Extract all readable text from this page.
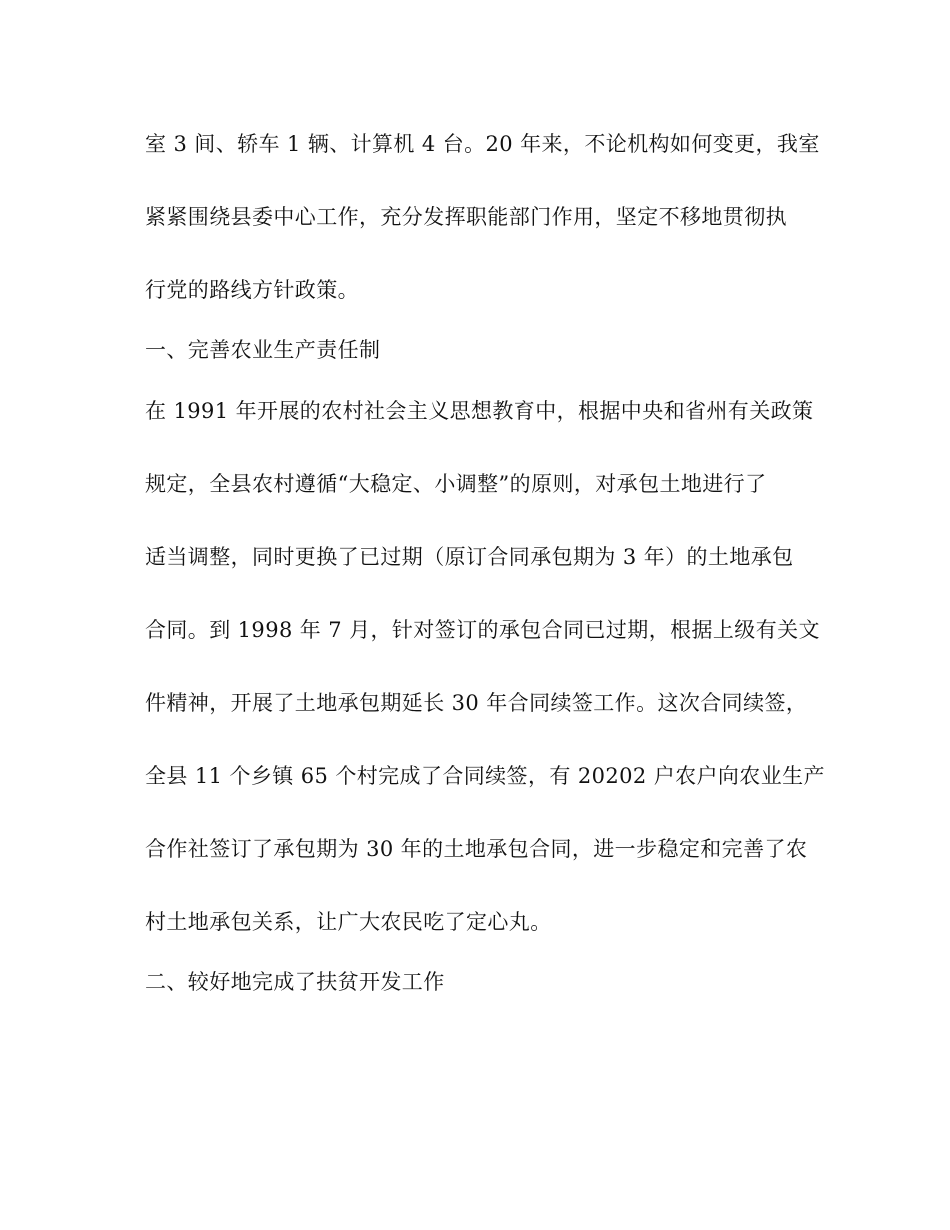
室 3 间、轿车 1 辆、计算机 4 台。20 年来，不论机构如何变更，我室

紧紧围绕县委中心工作，充分发挥职能部门作用，坚定不移地贯彻执

行党的路线方针政策。

一、完善农业生产责任制

在 1991 年开展的农村社会主义思想教育中，根据中央和省州有关政策

规定，全县农村遵循“大稳定、小调整”的原则，对承包土地进行了

适当调整，同时更换了已过期（原订合同承包期为 3 年）的土地承包

合同。到 1998 年 7 月，针对签订的承包合同已过期，根据上级有关文

件精神，开展了土地承包期延长 30 年合同续签工作。这次合同续签，

全县 11 个乡镇 65 个村完成了合同续签，有 20202 户农户向农业生产

合作社签订了承包期为 30 年的土地承包合同，进一步稳定和完善了农

村土地承包关系，让广大农民吃了定心丸。

二、较好地完成了扶贫开发工作
